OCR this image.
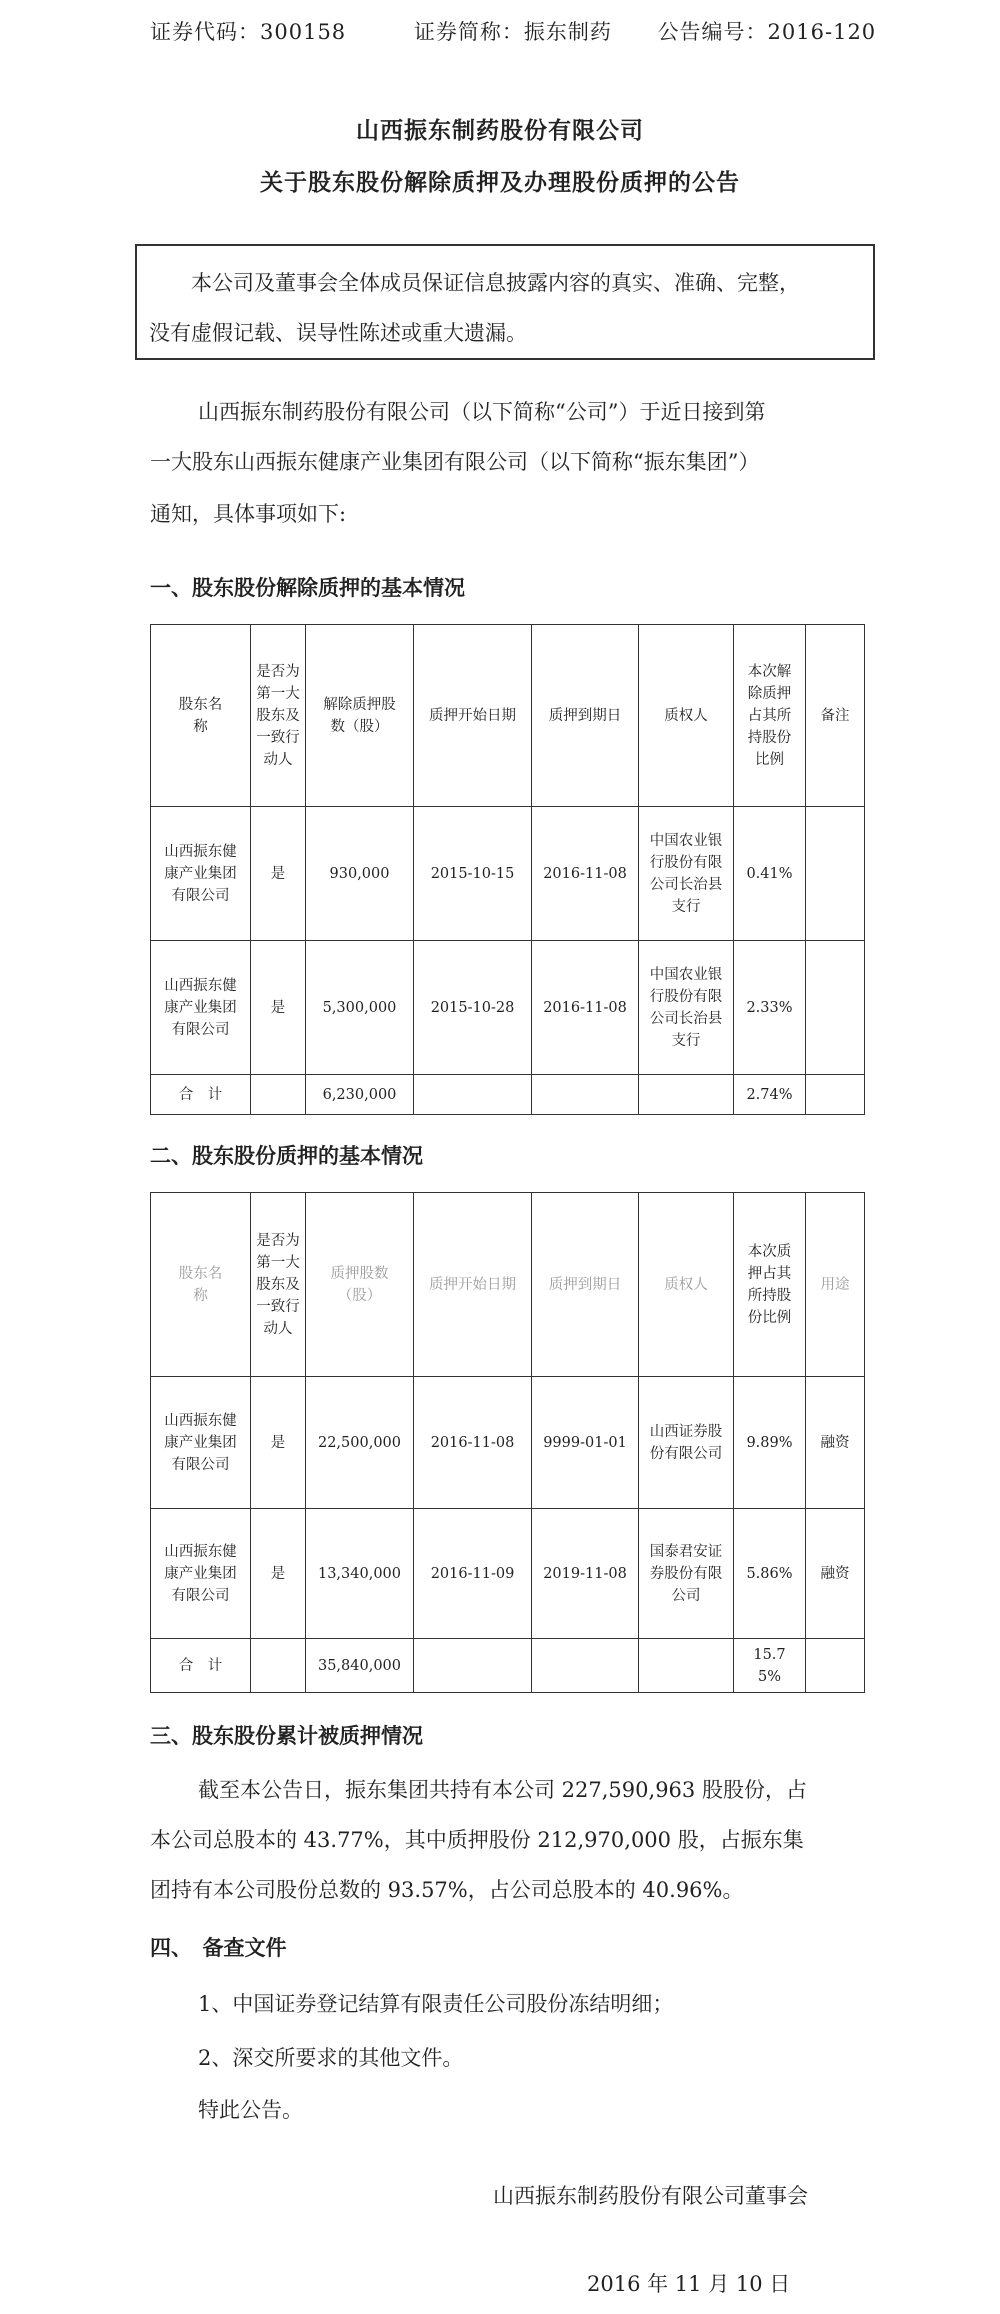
证券代码：300158	证券简称：振东制药 公告编号：2016-120
山西振东制药股份有限公司
关于股东股份解除质押及办理股份质押的公告

本公司及董事会全体成员保证信息披露内容的真实、准确、完整，

没有虚假记载、误导性陈述或重大遗漏。

山西振东制药股份有限公司（以下简称“公司”）于近日接到第
一大股东山西振东健康产业集团有限公司（以下简称“振东集团”）
通知，具体事项如下:
一、股东股份解除质押的基本情况
股东名称	是否为第一大股东及一致行动人	解除质押股数（股）	质押开始日期	质押到期日	质权人	本次解除质押占其所持股份比例	备注
山西振东健康产业集团有限公司	是	930,000	2015-10-15	2016-11-08	中国农业银行股份有限公司长治县支行	0.41%	
山西振东健康产业集团有限公司	是	5,300,000	2015-10-28	2016-11-08	中国农业银行股份有限公司长治县支行	2.33%	
合　计		6,230,000				2.74%	
二、股东股份质押的基本情况
股东名称	是否为第一大股东及一致行动人	质押股数（股）	质押开始日期	质押到期日	质权人	本次质押占其所持股份比例	用途
山西振东健康产业集团有限公司	是	22,500,000	2016-11-08	9999-01-01	山西证券股份有限公司	9.89%	融资
山西振东健康产业集团有限公司	是	13,340,000	2016-11-09	2019-11-08	国泰君安证券股份有限公司	5.86%	融资
合　计		35,840,000				15.75%	
三、股东股份累计被质押情况
截至本公告日，振东集团共持有本公司 227,590,963 股股份，占
本公司总股本的 43.77%，其中质押股份 212,970,000 股，占振东集
团持有本公司股份总数的 93.57%，占公司总股本的 40.96%。
四、　备查文件
1、中国证券登记结算有限责任公司股份冻结明细；
2、深交所要求的其他文件。
特此公告。
山西振东制药股份有限公司董事会
2016 年 11 月 10 日
